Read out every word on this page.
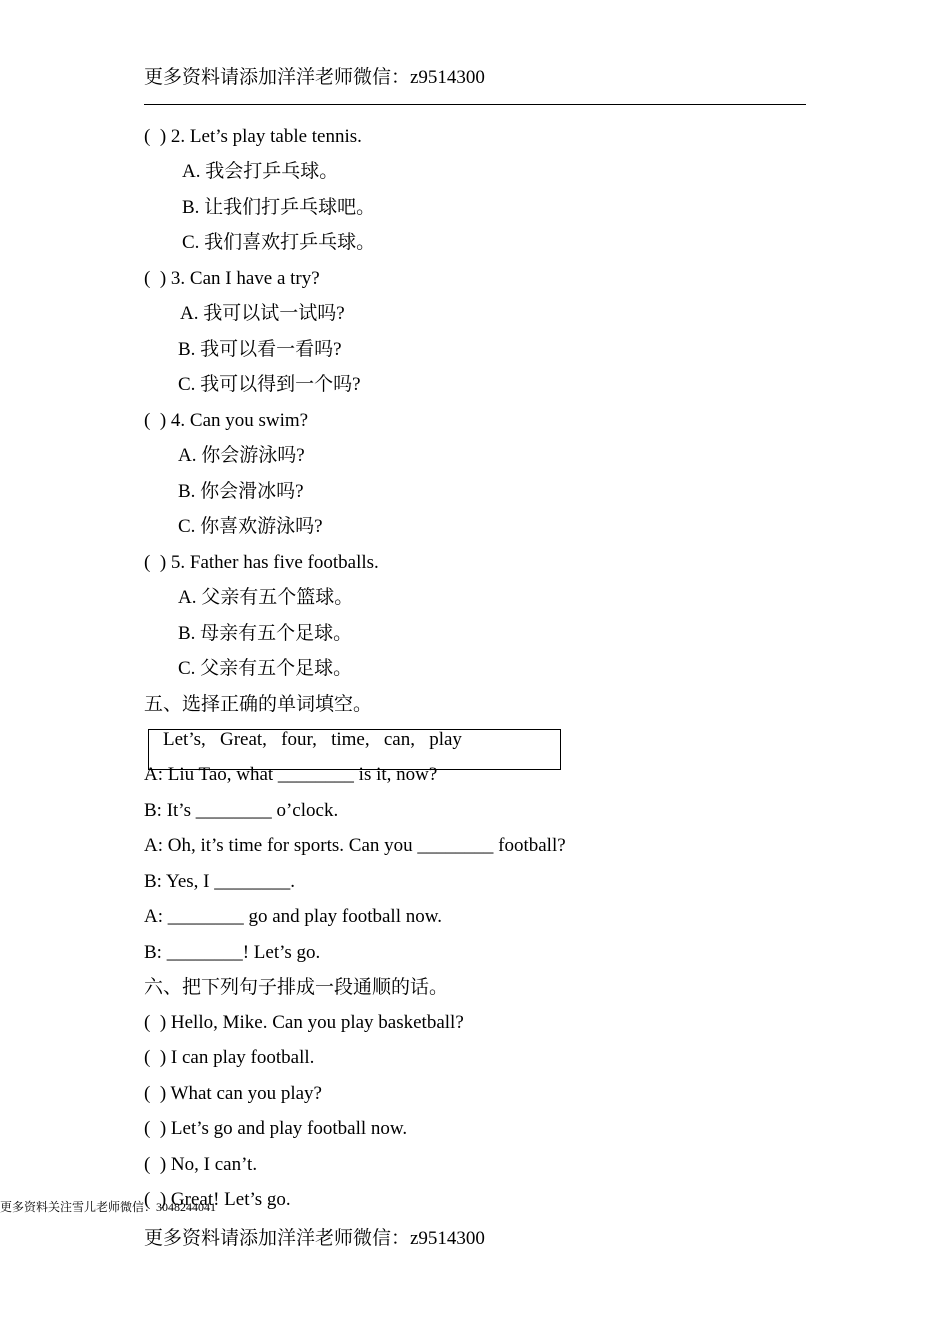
更多资料请添加洋洋老师微信：z9514300
(  ) 2. Let’s play table tennis.
A. 我会打乒乓球。
B. 让我们打乒乓球吧。
C. 我们喜欢打乒乓球。
(  ) 3. Can I have a try?
A. 我可以试一试吗?
B. 我可以看一看吗?
C. 我可以得到一个吗?
(  ) 4. Can you swim?
A. 你会游泳吗?
B. 你会滑冰吗?
C. 你喜欢游泳吗?
(  ) 5. Father has five footballs.
A. 父亲有五个篮球。
B. 母亲有五个足球。
C. 父亲有五个足球。
五、选择正确的单词填空。
Let’s,   Great,   four,   time,   can,   play
A: Liu Tao, what ________ is it, now?
B: It’s ________ o’clock.
A: Oh, it’s time for sports. Can you ________ football?
B: Yes, I ________.
A: ________ go and play football now.
B: ________! Let’s go.
六、把下列句子排成一段通顺的话。
(  ) Hello, Mike. Can you play basketball?
(  ) I can play football.
(  ) What can you play?
(  ) Let’s go and play football now.
(  ) No, I can’t.
(  ) Great! Let’s go.
更多资料关注雪儿老师微信：3048244041
更多资料请添加洋洋老师微信：z9514300
